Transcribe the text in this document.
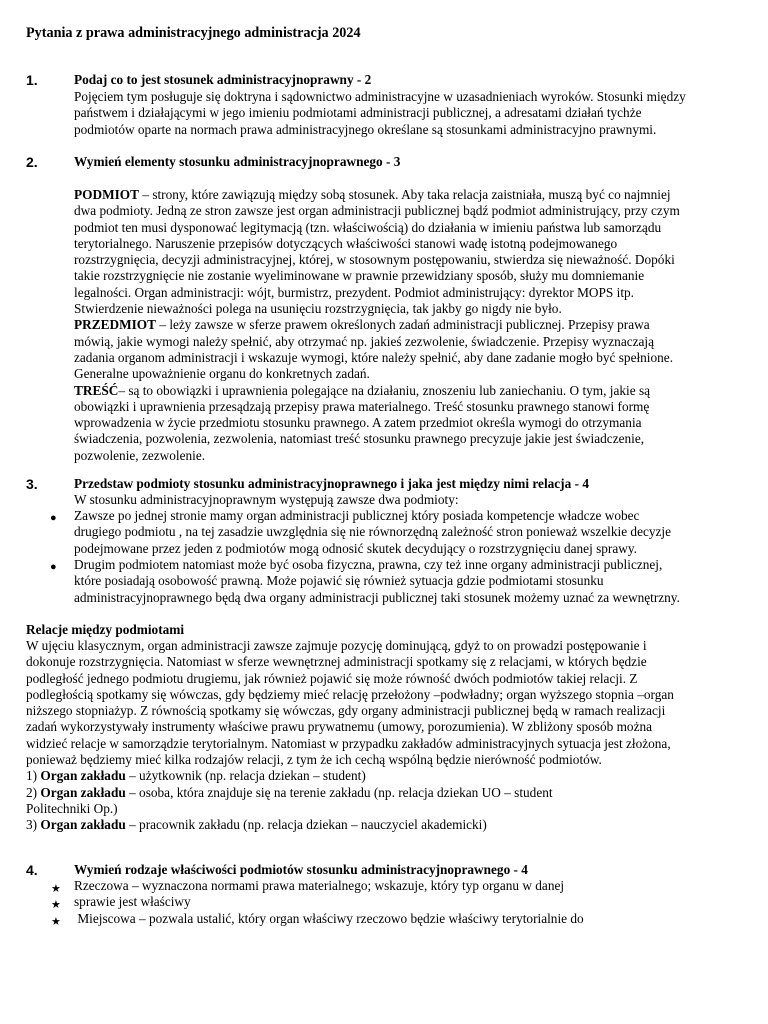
Pytania z prawa administracyjnego administracja 2024
1.	Podaj co to jest stosunek administracyjnoprawny - 2
Pojęciem tym posługuje się doktryna i sądownictwo administracyjne w uzasadnieniach wyroków. Stosunki między
państwem i działającymi w jego imieniu podmiotami administracji publicznej, a adresatami działań tychże
podmiotów oparte na normach prawa administracyjnego określane są stosunkami administracyjno prawnymi.
2.	Wymień elementy stosunku administracyjnoprawnego - 3
PODMIOT – strony, które zawiązują między sobą stosunek. Aby taka relacja zaistniała, muszą być co najmniej
dwa podmioty. Jedną ze stron zawsze jest organ administracji publicznej bądź podmiot administrujący, przy czym
podmiot ten musi dysponować legitymacją (tzn. właściwością) do działania w imieniu państwa lub samorządu
terytorialnego. Naruszenie przepisów dotyczących właściwości stanowi wadę istotną podejmowanego
rozstrzygnięcia, decyzji administracyjnej, której, w stosownym postępowaniu, stwierdza się nieważność. Dopóki
takie rozstrzygnięcie nie zostanie wyeliminowane w prawnie przewidziany sposób, służy mu domniemanie
legalności. Organ administracji: wójt, burmistrz, prezydent. Podmiot administrujący: dyrektor MOPS itp.
Stwierdzenie nieważności polega na usunięciu rozstrzygnięcia, tak jakby go nigdy nie było.
PRZEDMIOT – leży zawsze w sferze prawem określonych zadań administracji publicznej. Przepisy prawa
mówią, jakie wymogi należy spełnić, aby otrzymać np. jakieś zezwolenie, świadczenie. Przepisy wyznaczają
zadania organom administracji i wskazuje wymogi, które należy spełnić, aby dane zadanie mogło być spełnione.
Generalne upoważnienie organu do konkretnych zadań.
TREŚĆ– są to obowiązki i uprawnienia polegające na działaniu, znoszeniu lub zaniechaniu. O tym, jakie są
obowiązki i uprawnienia przesądzają przepisy prawa materialnego. Treść stosunku prawnego stanowi formę
wprowadzenia w życie przedmiotu stosunku prawnego. A zatem przedmiot określa wymogi do otrzymania
świadczenia, pozwolenia, zezwolenia, natomiast treść stosunku prawnego precyzuje jakie jest świadczenie,
pozwolenie, zezwolenie.
3.	Przedstaw podmioty stosunku administracyjnoprawnego i jaka jest między nimi relacja - 4
W stosunku administracyjnoprawnym występują zawsze dwa podmioty:
● Zawsze po jednej stronie mamy organ administracji publicznej który posiada kompetencje władcze wobec
drugiego podmiotu , na tej zasadzie uwzględnia się nie równorzędną zależność stron ponieważ wszelkie decyzje
podejmowane przez jeden z podmiotów mogą odnosić skutek decydujący o rozstrzygnięciu danej sprawy.
● Drugim podmiotem natomiast może być osoba fizyczna, prawna, czy też inne organy administracji publicznej,
które posiadają osobowość prawną. Może pojawić się również sytuacja gdzie podmiotami stosunku
administracyjnoprawnego będą dwa organy administracji publicznej taki stosunek możemy uznać za wewnętrzny.
Relacje między podmiotami
W ujęciu klasycznym, organ administracji zawsze zajmuje pozycję dominującą, gdyż to on prowadzi postępowanie i
dokonuje rozstrzygnięcia. Natomiast w sferze wewnętrznej administracji spotkamy się z relacjami, w których będzie
podległość jednego podmiotu drugiemu, jak również pojawić się może równość dwóch podmiotów takiej relacji. Z
podległością spotkamy się wówczas, gdy będziemy mieć relację przełożony –podwładny; organ wyższego stopnia –organ
niższego stopniażyp. Z równością spotkamy się wówczas, gdy organy administracji publicznej będą w ramach realizacji
zadań wykorzystywały instrumenty właściwe prawu prywatnemu (umowy, porozumienia). W zbliżony sposób można
widzieć relacje w samorządzie terytorialnym. Natomiast w przypadku zakładów administracyjnych sytuacja jest złożona,
ponieważ będziemy mieć kilka rodzajów relacji, z tym że ich cechą wspólną będzie nierówność podmiotów.
1) Organ zakładu – użytkownik (np. relacja dziekan – student)
2) Organ zakładu – osoba, która znajduje się na terenie zakładu (np. relacja dziekan UO – student
Politechniki Op.)
3) Organ zakładu – pracownik zakładu (np. relacja dziekan – nauczyciel akademicki)
4.	Wymień rodzaje właściwości podmiotów stosunku administracyjnoprawnego - 4
★
★
★
Rzeczowa – wyznaczona normami prawa materialnego; wskazuje, który typ organu w danej
sprawie jest właściwy
Miejscowa – pozwala ustalić, który organ właściwy rzeczowo będzie właściwy terytorialnie do
